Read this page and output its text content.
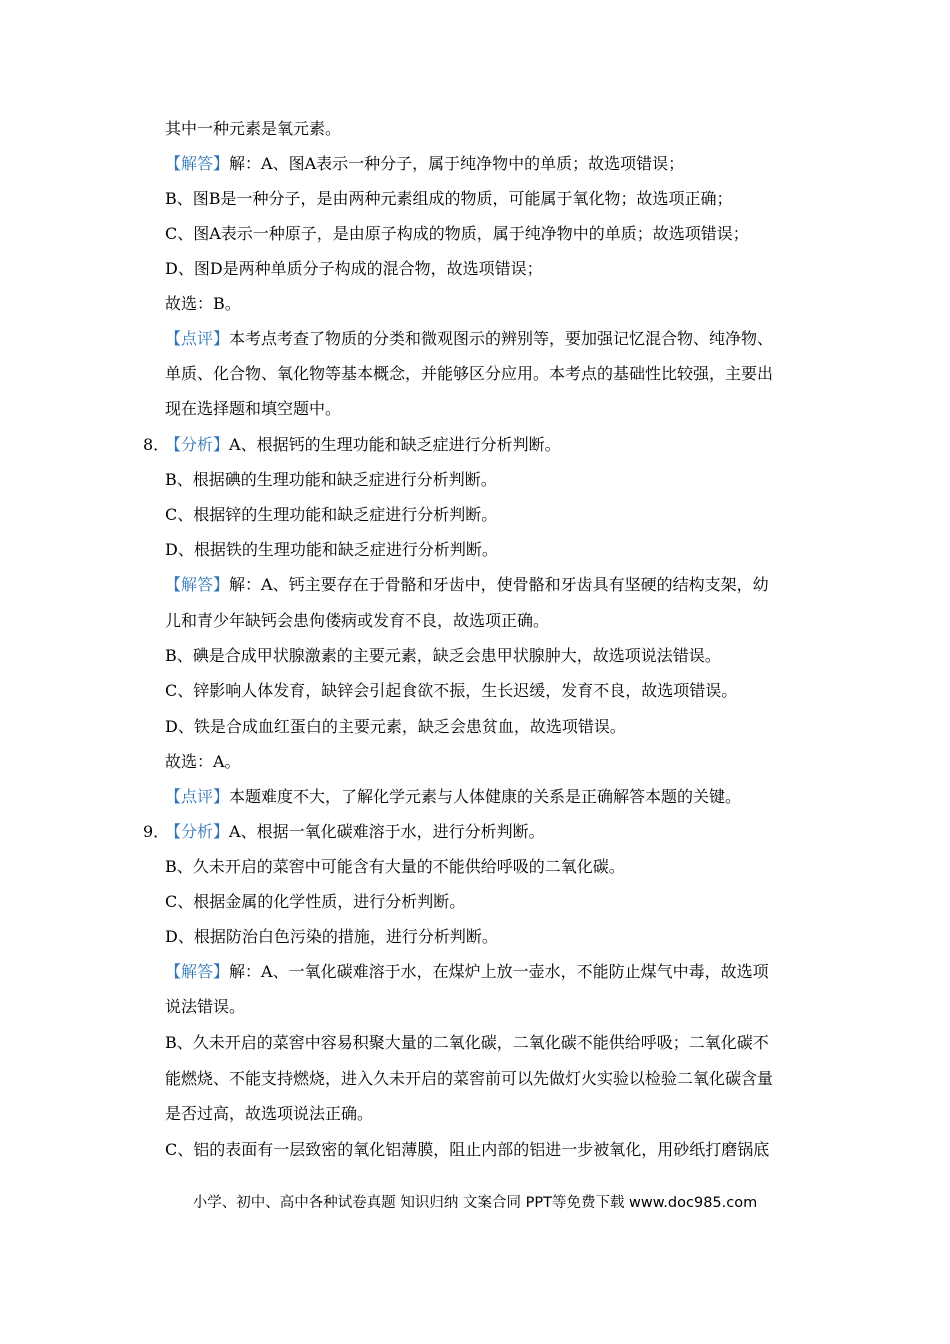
其中一种元素是氧元素。
【解答】解：A、图A表示一种分子，属于纯净物中的单质；故选项错误；
B、图B是一种分子，是由两种元素组成的物质，可能属于氧化物；故选项正确；
C、图A表示一种原子，是由原子构成的物质，属于纯净物中的单质；故选项错误；
D、图D是两种单质分子构成的混合物，故选项错误；
故选：B。
【点评】本考点考查了物质的分类和微观图示的辨别等，要加强记忆混合物、纯净物、
单质、化合物、氧化物等基本概念，并能够区分应用。本考点的基础性比较强，主要出
现在选择题和填空题中。
8．
【分析】A、根据钙的生理功能和缺乏症进行分析判断。
B、根据碘的生理功能和缺乏症进行分析判断。
C、根据锌的生理功能和缺乏症进行分析判断。
D、根据铁的生理功能和缺乏症进行分析判断。
【解答】解：A、钙主要存在于骨骼和牙齿中，使骨骼和牙齿具有坚硬的结构支架，幼
儿和青少年缺钙会患佝偻病或发育不良，故选项正确。
B、碘是合成甲状腺激素的主要元素，缺乏会患甲状腺肿大，故选项说法错误。
C、锌影响人体发育，缺锌会引起食欲不振，生长迟缓，发育不良，故选项错误。
D、铁是合成血红蛋白的主要元素，缺乏会患贫血，故选项错误。
故选：A。
【点评】本题难度不大，了解化学元素与人体健康的关系是正确解答本题的关键。
9．
【分析】A、根据一氧化碳难溶于水，进行分析判断。
B、久未开启的菜窖中可能含有大量的不能供给呼吸的二氧化碳。
C、根据金属的化学性质，进行分析判断。
D、根据防治白色污染的措施，进行分析判断。
【解答】解：A、一氧化碳难溶于水，在煤炉上放一壶水，不能防止煤气中毒，故选项
说法错误。
B、久未开启的菜窖中容易积聚大量的二氧化碳，二氧化碳不能供给呼吸；二氧化碳不
能燃烧、不能支持燃烧，进入久未开启的菜窖前可以先做灯火实验以检验二氧化碳含量
是否过高，故选项说法正确。
C、铝的表面有一层致密的氧化铝薄膜，阻止内部的铝进一步被氧化，用砂纸打磨锅底
小学、初中、高中各种试卷真题 知识归纳 文案合同 PPT等免费下载 www.doc985.com
